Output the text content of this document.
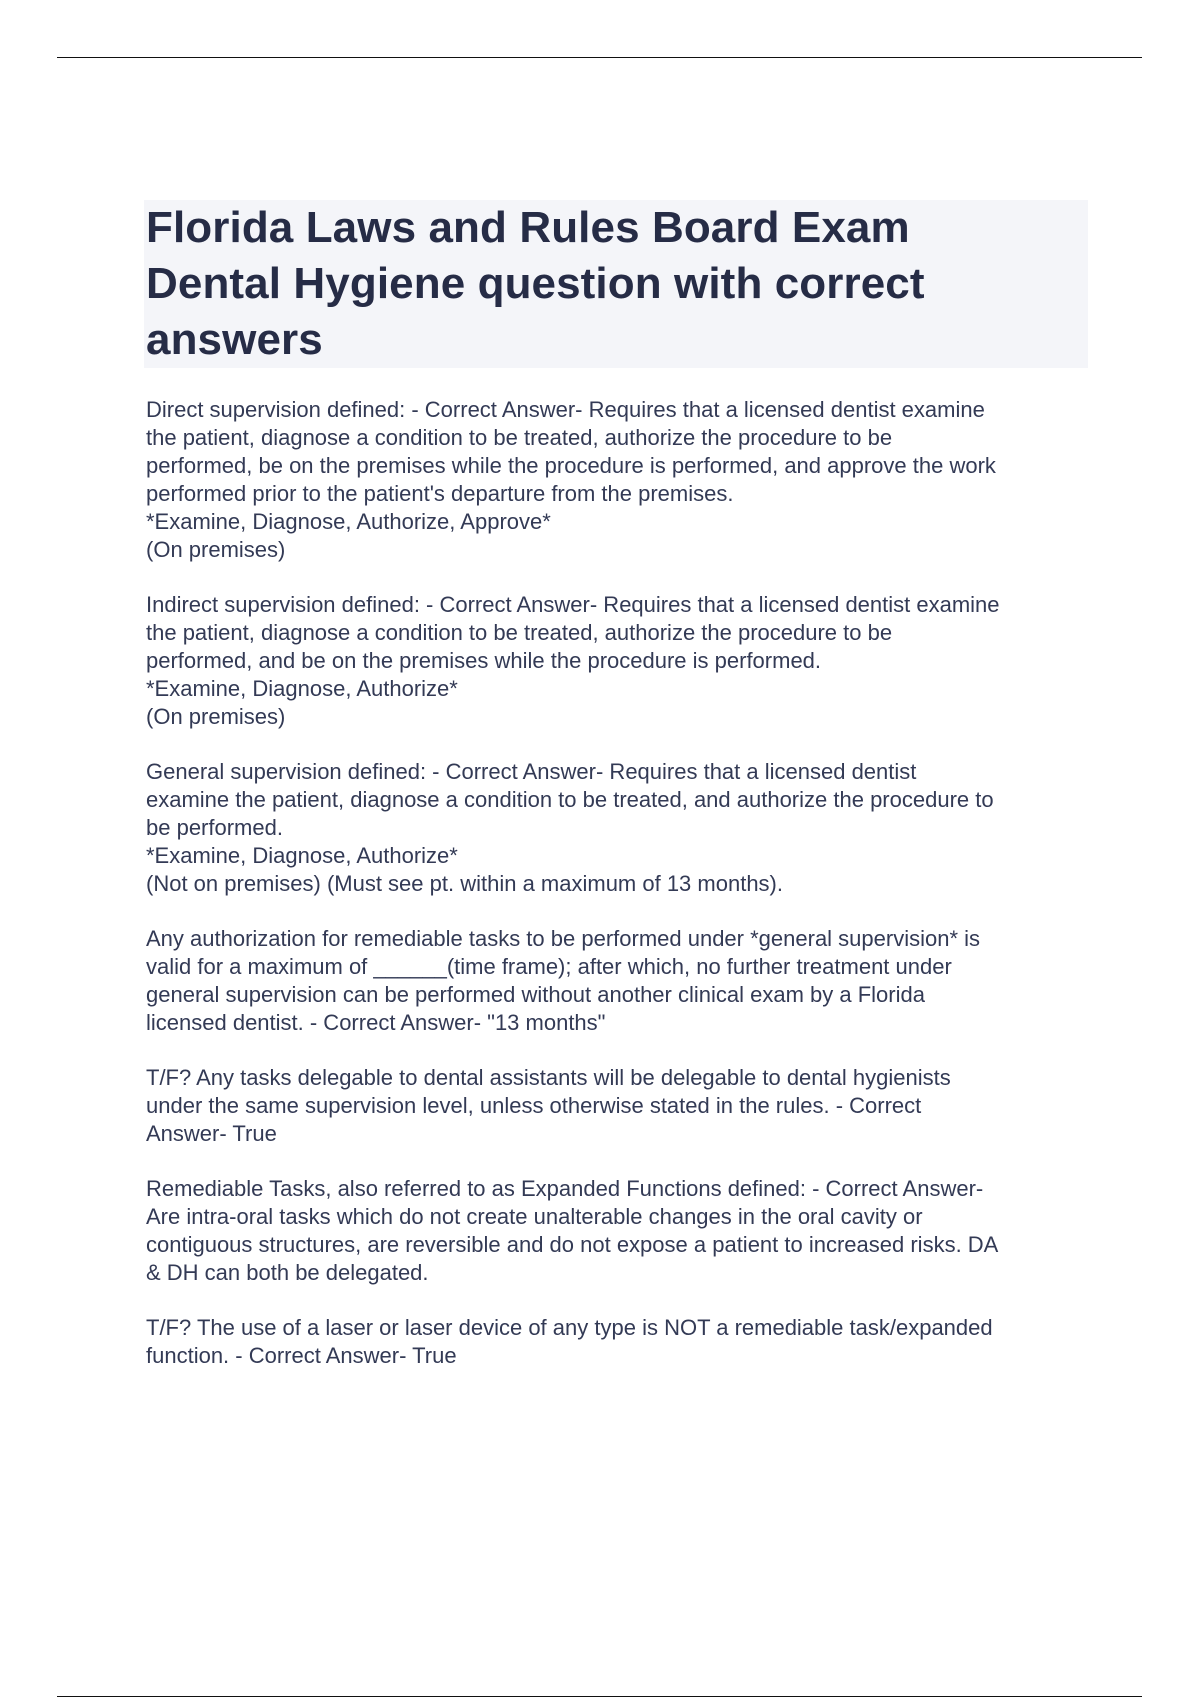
Florida Laws and Rules Board Exam
Dental Hygiene question with correct
answers

Direct supervision defined: - Correct Answer- Requires that a licensed dentist examine
the patient, diagnose a condition to be treated, authorize the procedure to be
performed, be on the premises while the procedure is performed, and approve the work
performed prior to the patient's departure from the premises.
*Examine, Diagnose, Authorize, Approve*
(On premises)

Indirect supervision defined: - Correct Answer- Requires that a licensed dentist examine
the patient, diagnose a condition to be treated, authorize the procedure to be
performed, and be on the premises while the procedure is performed.
*Examine, Diagnose, Authorize*
(On premises)

General supervision defined: - Correct Answer- Requires that a licensed dentist
examine the patient, diagnose a condition to be treated, and authorize the procedure to
be performed.
*Examine, Diagnose, Authorize*
(Not on premises) (Must see pt. within a maximum of 13 months).

Any authorization for remediable tasks to be performed under *general supervision* is
valid for a maximum of ______(time frame); after which, no further treatment under
general supervision can be performed without another clinical exam by a Florida
licensed dentist. - Correct Answer- "13 months"

T/F? Any tasks delegable to dental assistants will be delegable to dental hygienists
under the same supervision level, unless otherwise stated in the rules. - Correct
Answer- True

Remediable Tasks, also referred to as Expanded Functions defined: - Correct Answer-
Are intra-oral tasks which do not create unalterable changes in the oral cavity or
contiguous structures, are reversible and do not expose a patient to increased risks. DA
& DH can both be delegated.

T/F? The use of a laser or laser device of any type is NOT a remediable task/expanded
function. - Correct Answer- True
